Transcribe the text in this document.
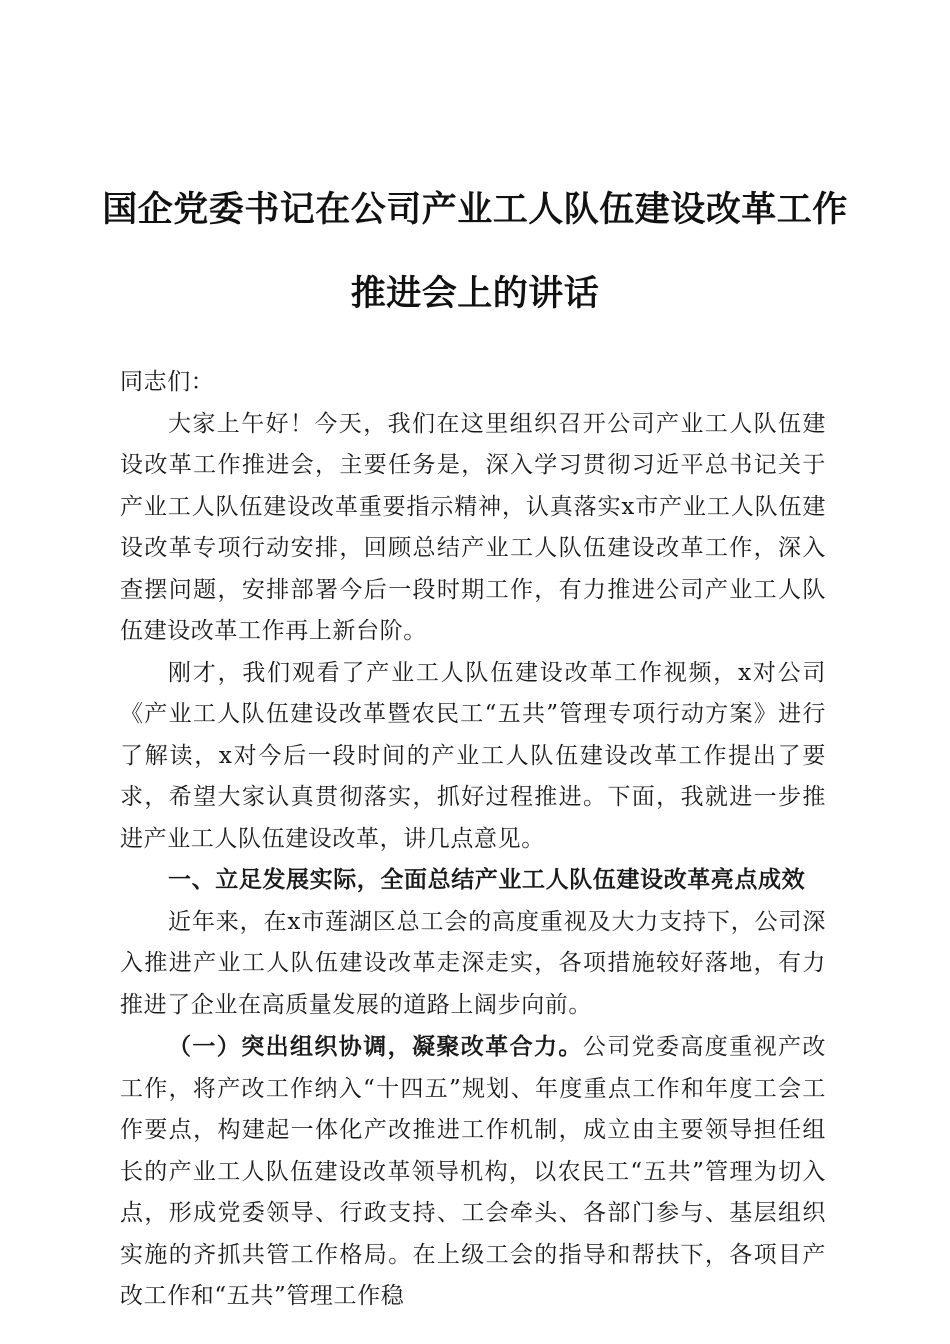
国企党委书记在公司产业工人队伍建设改革工作推进会上的讲话

同志们：

大家上午好！今天，我们在这里组织召开公司产业工人队伍建设改革工作推进会，主要任务是，深入学习贯彻习近平总书记关于产业工人队伍建设改革重要指示精神，认真落实x市产业工人队伍建设改革专项行动安排，回顾总结产业工人队伍建设改革工作，深入查摆问题，安排部署今后一段时期工作，有力推进公司产业工人队伍建设改革工作再上新台阶。

刚才，我们观看了产业工人队伍建设改革工作视频，x对公司《产业工人队伍建设改革暨农民工“五共”管理专项行动方案》进行了解读，x对今后一段时间的产业工人队伍建设改革工作提出了要求，希望大家认真贯彻落实，抓好过程推进。下面，我就进一步推进产业工人队伍建设改革，讲几点意见。

一、立足发展实际，全面总结产业工人队伍建设改革亮点成效

近年来，在x市莲湖区总工会的高度重视及大力支持下，公司深入推进产业工人队伍建设改革走深走实，各项措施较好落地，有力推进了企业在高质量发展的道路上阔步向前。

（一）突出组织协调，凝聚改革合力。公司党委高度重视产改工作，将产改工作纳入“十四五”规划、年度重点工作和年度工会工作要点，构建起一体化产改推进工作机制，成立由主要领导担任组长的产业工人队伍建设改革领导机构，以农民工“五共”管理为切入点，形成党委领导、行政支持、工会牵头、各部门参与、基层组织实施的齐抓共管工作格局。在上级工会的指导和帮扶下，各项目产改工作和“五共”管理工作稳
